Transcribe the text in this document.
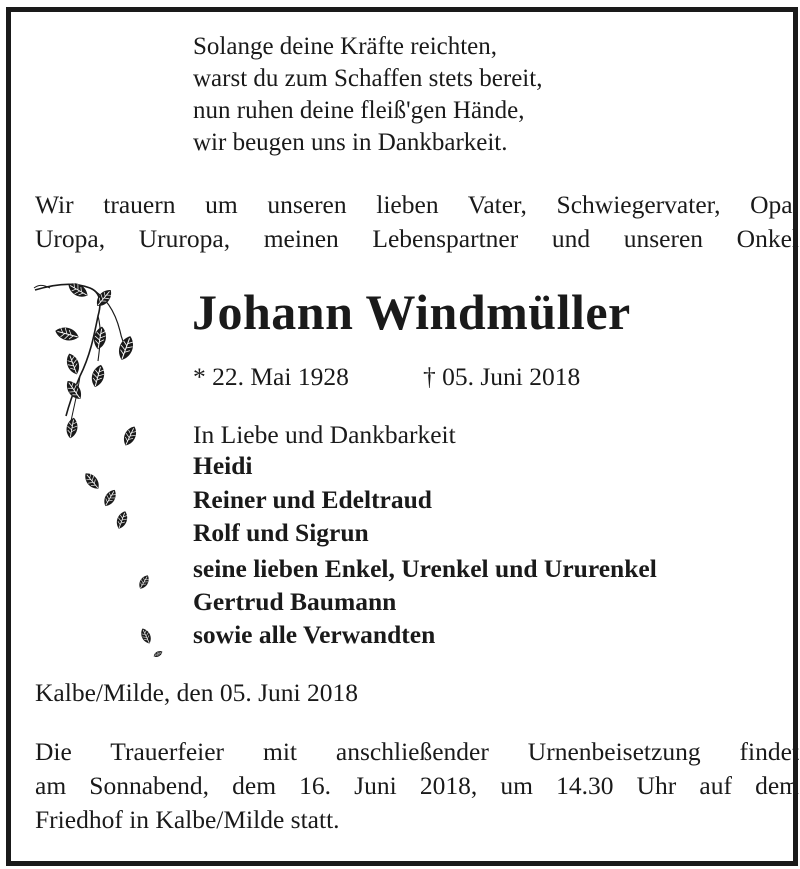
Solange deine Kräfte reichten,
warst du zum Schaffen stets bereit,
nun ruhen deine fleiß'gen Hände,
wir beugen uns in Dankbarkeit.
Wir trauern um unseren lieben Vater, Schwiegervater, Opa,
Uropa, Ururopa, meinen Lebenspartner und unseren Onkel
Johann Windmüller
* 22. Mai 1928	† 05. Juni 2018
In Liebe und Dankbarkeit
Heidi
Reiner und Edeltraud
Rolf und Sigrun
seine lieben Enkel, Urenkel und Ururenkel
Gertrud Baumann
sowie alle Verwandten
Kalbe/Milde, den 05. Juni 2018
Die Trauerfeier mit anschließender Urnenbeisetzung findet
am Sonnabend, dem 16. Juni 2018, um 14.30 Uhr auf dem
Friedhof in Kalbe/Milde statt.
